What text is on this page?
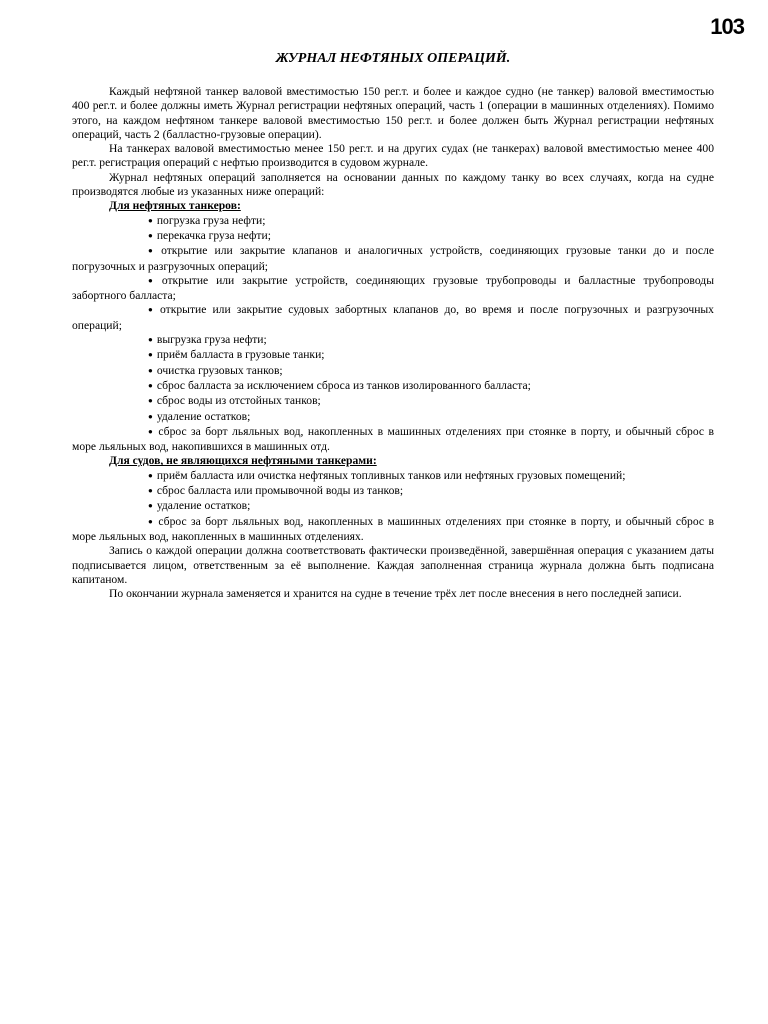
103
ЖУРНАЛ НЕФТЯНЫХ ОПЕРАЦИЙ.

Каждый нефтяной танкер валовой вместимостью 150 рег.т. и более и каждое судно (не танкер) валовой вместимостью 400 рег.т. и более должны иметь Журнал регистрации нефтяных операций, часть 1 (операции в машинных отделениях). Помимо этого, на каждом нефтяном танкере валовой вместимостью 150 рег.т. и более должен быть Журнал регистрации нефтяных операций, часть 2 (балластно-грузовые операции).

На танкерах валовой вместимостью менее 150 рег.т. и на других судах (не танкерах) валовой вместимостью менее 400 рег.т. регистрация операций с нефтью производится в судовом журнале.

Журнал нефтяных операций заполняется на основании данных по каждому танку во всех случаях, когда на судне производятся любые из указанных ниже операций:

Для нефтяных танкеров:
● погрузка груза нефти;
● перекачка груза нефти;
● открытие или закрытие клапанов и аналогичных устройств, соединяющих грузовые танки до и после погрузочных и разгрузочных операций;
● открытие или закрытие устройств, соединяющих грузовые трубопроводы и балластные трубопроводы забортного балласта;
● открытие или закрытие судовых забортных клапанов до, во время и после погрузочных и разгрузочных операций;
● выгрузка груза нефти;
● приём балласта в грузовые танки;
● очистка грузовых танков;
● сброс балласта за исключением сброса из танков изолированного балласта;
● сброс воды из отстойных танков;
● удаление остатков;
● сброс за борт льяльных вод, накопленных в машинных отделениях при стоянке в порту, и обычный сброс в море льяльных вод, накопившихся в машинных отд.
Для судов, не являющихся нефтяными танкерами:
● приём балласта или очистка нефтяных топливных танков или нефтяных грузовых помещений;
● сброс балласта или промывочной воды из танков;
● удаление остатков;
● сброс за борт льяльных вод, накопленных в машинных отделениях при стоянке в порту, и обычный сброс в море льяльных вод, накопленных в машинных отделениях.

Запись о каждой операции должна соответствовать фактически произведённой, завершённая операция с указанием даты подписывается лицом, ответственным за её выполнение. Каждая заполненная страница журнала должна быть подписана капитаном.

По окончании журнала заменяется и хранится на судне в течение трёх лет после внесения в него последней записи.
